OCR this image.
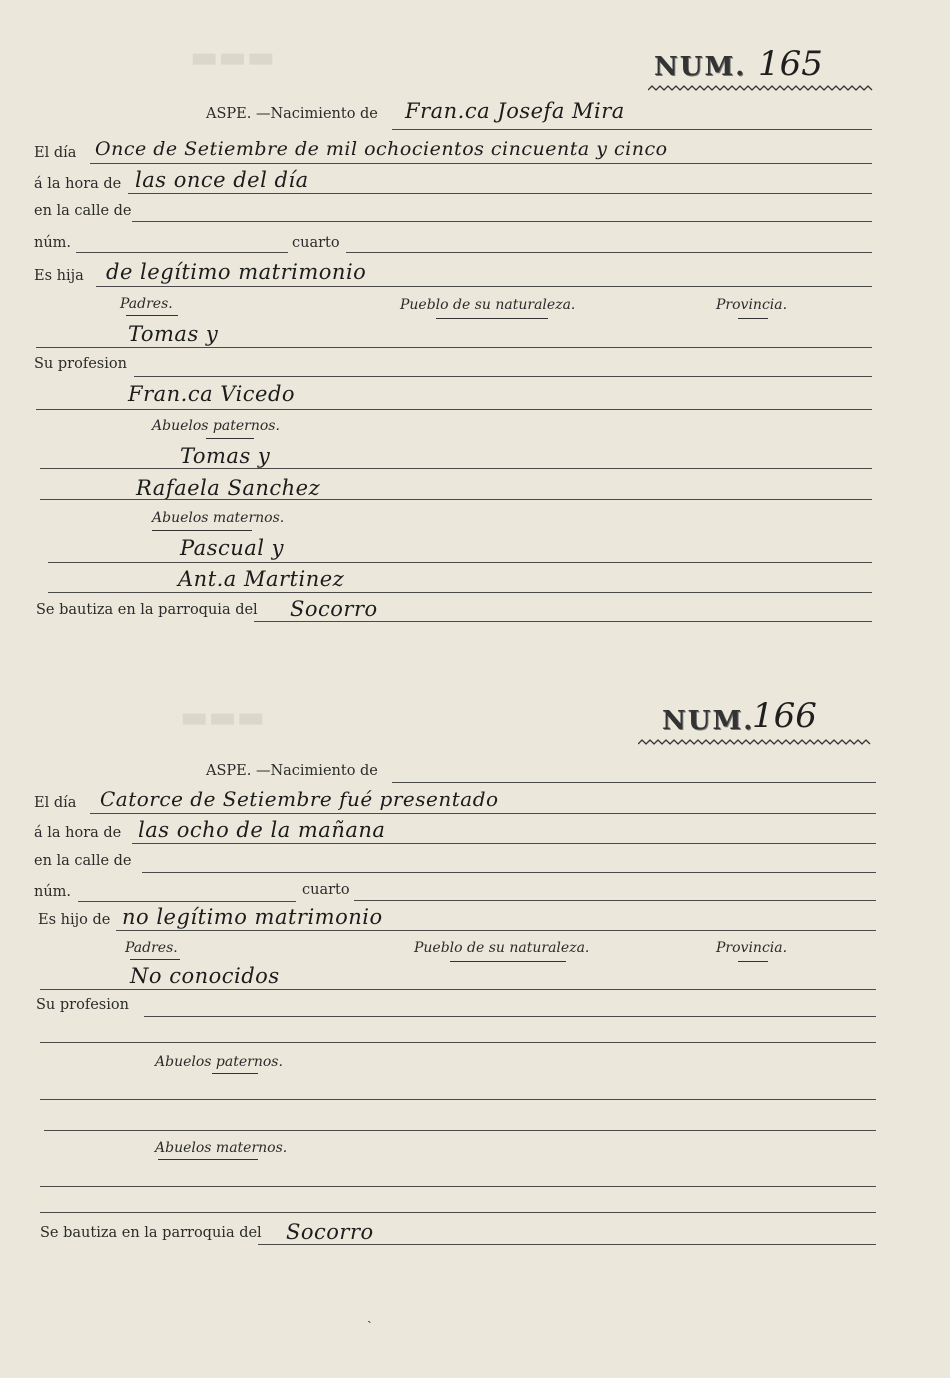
▬▬▬
▬▬▬
NUM. 165
ASPE. —Nacimiento de Fran.ca Josefa Mira
El día Once de Setiembre de mil ochocientos cincuenta y cinco
á la hora de las once del día
en la calle de
núm.	cuarto
Es hija de legítimo matrimonio
Padres.	Pueblo de su naturaleza.	Provincia.
Tomas y
Su profesion
Fran.ca Vicedo
Abuelos paternos.
Tomas y
Rafaela Sanchez
Abuelos maternos.
Pascual y
Ant.a Martinez
Se bautiza en la parroquia del Socorro
NUM.
166
ASPE. —Nacimiento de
El día Catorce de Setiembre fué presentado
á la hora de las ocho de la mañana
en la calle de
núm.	cuarto
Es hijo de no legítimo matrimonio
Padres.	Pueblo de su naturaleza.	Provincia.
No conocidos
Su profesion
Abuelos paternos.
Abuelos maternos.
Se bautiza en la parroquia del Socorro
ˎ
